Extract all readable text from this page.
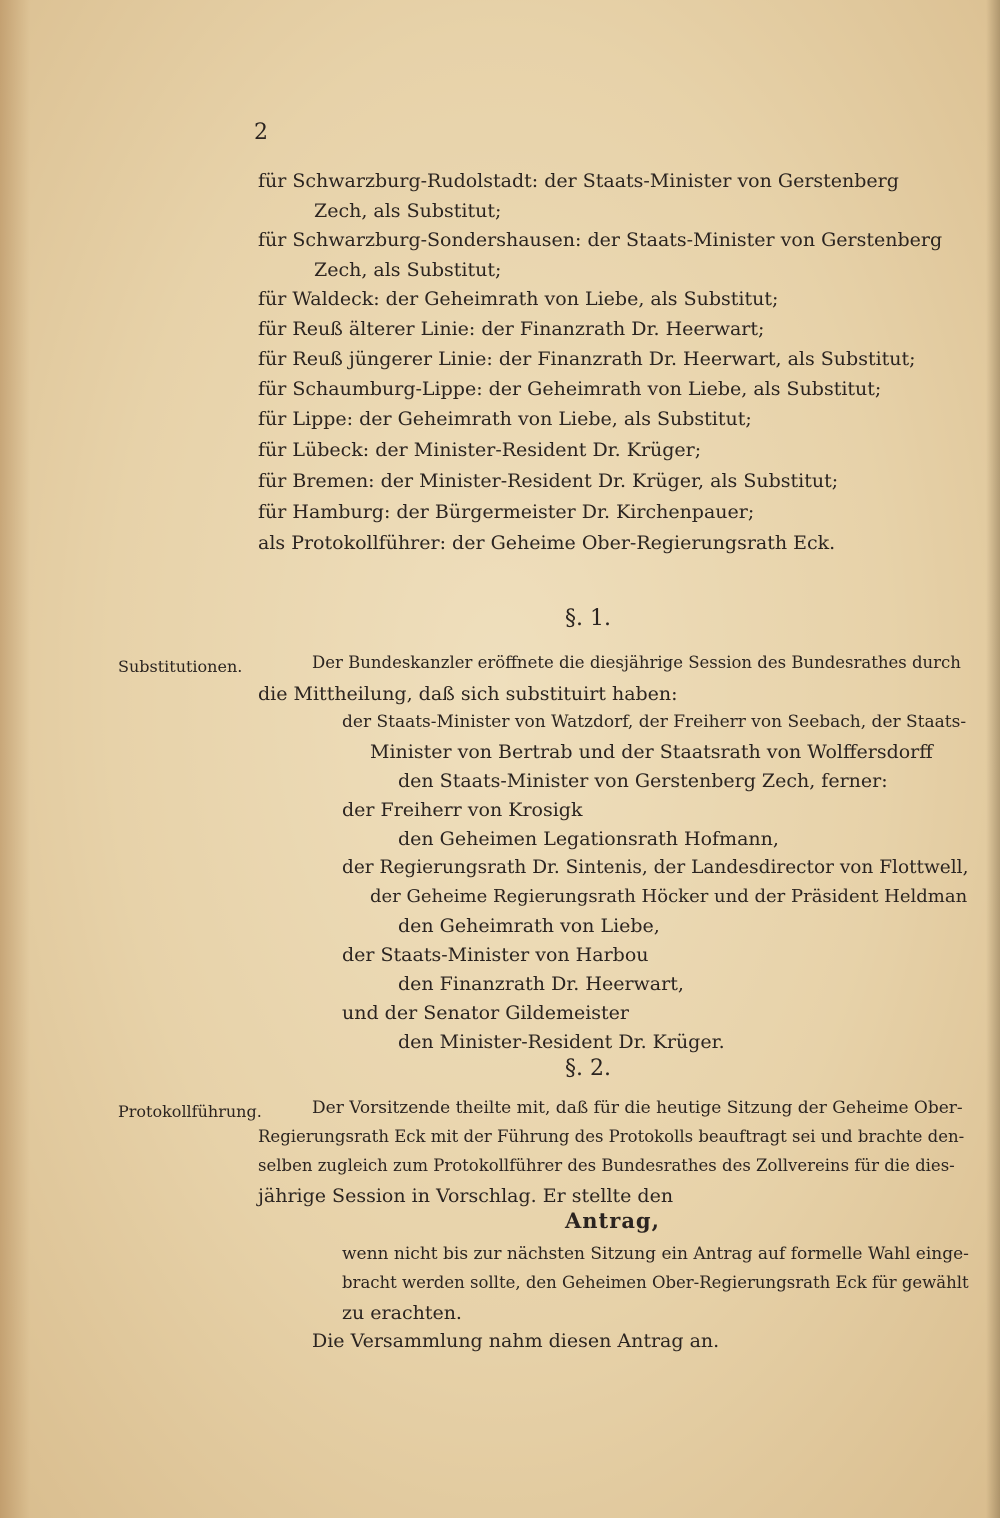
2
für Schwarzburg-Rudolstadt: der Staats-Minister von Gerstenberg
Zech, als Substitut;
für Schwarzburg-Sondershausen: der Staats-Minister von Gerstenberg
Zech, als Substitut;
für Waldeck: der Geheimrath von Liebe, als Substitut;
für Reuß älterer Linie: der Finanzrath Dr. Heerwart;
für Reuß jüngerer Linie: der Finanzrath Dr. Heerwart, als Substitut;
für Schaumburg-Lippe: der Geheimrath von Liebe, als Substitut;
für Lippe: der Geheimrath von Liebe, als Substitut;
für Lübeck: der Minister-Resident Dr. Krüger;
für Bremen: der Minister-Resident Dr. Krüger, als Substitut;
für Hamburg: der Bürgermeister Dr. Kirchenpauer;
als Protokollführer: der Geheime Ober-Regierungsrath Eck.
§. 1.
Substitutionen.	Der Bundeskanzler eröffnete die diesjährige Session des Bundesrathes durch
die Mittheilung, daß sich substituirt haben:
der Staats-Minister von Watzdorf, der Freiherr von Seebach, der Staats-
Minister von Bertrab und der Staatsrath von Wolffersdorff
den Staats-Minister von Gerstenberg Zech, ferner:
der Freiherr von Krosigk
den Geheimen Legationsrath Hofmann,
der Regierungsrath Dr. Sintenis, der Landesdirector von Flottwell,
der Geheime Regierungsrath Höcker und der Präsident Heldman
den Geheimrath von Liebe,
der Staats-Minister von Harbou
den Finanzrath Dr. Heerwart,
und der Senator Gildemeister
den Minister-Resident Dr. Krüger.
§. 2.
Protokollführung.	Der Vorsitzende theilte mit, daß für die heutige Sitzung der Geheime Ober-
Regierungsrath Eck mit der Führung des Protokolls beauftragt sei und brachte den-
selben zugleich zum Protokollführer des Bundesrathes des Zollvereins für die dies-
jährige Session in Vorschlag. Er stellte den
Antrag,
wenn nicht bis zur nächsten Sitzung ein Antrag auf formelle Wahl einge-
bracht werden sollte, den Geheimen Ober-Regierungsrath Eck für gewählt
zu erachten.
Die Versammlung nahm diesen Antrag an.
